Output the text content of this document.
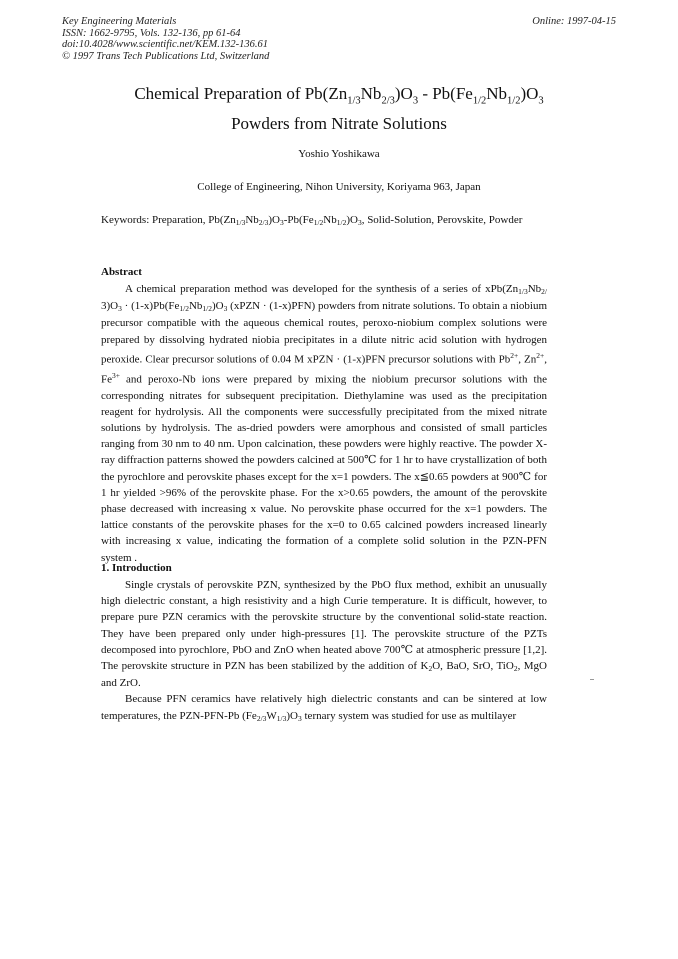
Key Engineering Materials
ISSN: 1662-9795, Vols. 132-136, pp 61-64
doi:10.4028/www.scientific.net/KEM.132-136.61
© 1997 Trans Tech Publications Ltd, Switzerland
Online: 1997-04-15
Chemical Preparation of $Pb(Zn_{1/3}Nb_{2/3})O_3 - Pb(Fe_{1/2}Nb_{1/2})O_3$
Powders from Nitrate Solutions
Yoshio Yoshikawa
College of Engineering, Nihon University, Koriyama 963, Japan
Keywords: Preparation, $Pb(Zn_{1/3}Nb_{2/3})O_3-Pb(Fe_{1/2}Nb_{1/2})O_3$, Solid-Solution, Perovskite, Powder
Abstract

A chemical preparation method was developed for the synthesis of a series of $xPb(Zn_{1/3}Nb_{2/}$ $3)O_3 \cdot (1-x)Pb(Fe_{1/2}Nb_{1/2})O_3$ (xPZN · (1-x)PFN) powders from nitrate solutions. To obtain a niobium precursor compatible with the aqueous chemical routes, peroxo-niobium complex solutions were prepared by dissolving hydrated niobia precipitates in a dilute nitric acid solution with hydrogen peroxide. Clear precursor solutions of 0.04 M xPZN · (1-x)PFN precursor solutions with $Pb^{2+}$, $Zn^{2+}$, $Fe^{3+}$ and peroxo-Nb ions were prepared by mixing the niobium precursor solutions with the corresponding nitrates for subsequent precipitation. Diethylamine was used as the precipitation reagent for hydrolysis. All the components were successfully precipitated from the mixed nitrate solutions by hydrolysis. The as-dried powders were amorphous and consisted of small particles ranging from 30 nm to 40 nm. Upon calcination, these powders were highly reactive. The powder X-ray diffraction patterns showed the powders calcined at 500℃ for 1 hr to have crystallization of both the pyrochlore and perovskite phases except for the x=1 powders. The x≦0.65 powders at 900℃ for 1 hr yielded >96% of the perovskite phase. For the x>0.65 powders, the amount of the perovskite phase decreased with increasing x value. No perovskite phase occurred for the x=1 powders. The lattice constants of the perovskite phases for the x=0 to 0.65 calcined powders increased linearly with increasing x value, indicating the formation of a complete solid solution in the PZN-PFN system .

1. Introduction

Single crystals of perovskite PZN, synthesized by the PbO flux method, exhibit an unusually high dielectric constant, a high resistivity and a high Curie temperature. It is difficult, however, to prepare pure PZN ceramics with the perovskite structure by the conventional solid-state reaction. They have been prepared only under high-pressures [1]. The perovskite structure of the PZTs decomposed into pyrochlore, PbO and ZnO when heated above 700℃ at atmospheric pressure [1,2]. The perovskite structure in PZN has been stabilized by the addition of $K_2O$, BaO, SrO, TiO$_2$, MgO and ZrO.

Because PFN ceramics have relatively high dielectric constants and can be sintered at low temperatures, the PZN-PFN-Pb $(Fe_{2/3}W_{1/3})O_3$ ternary system was studied for use as multilayer
